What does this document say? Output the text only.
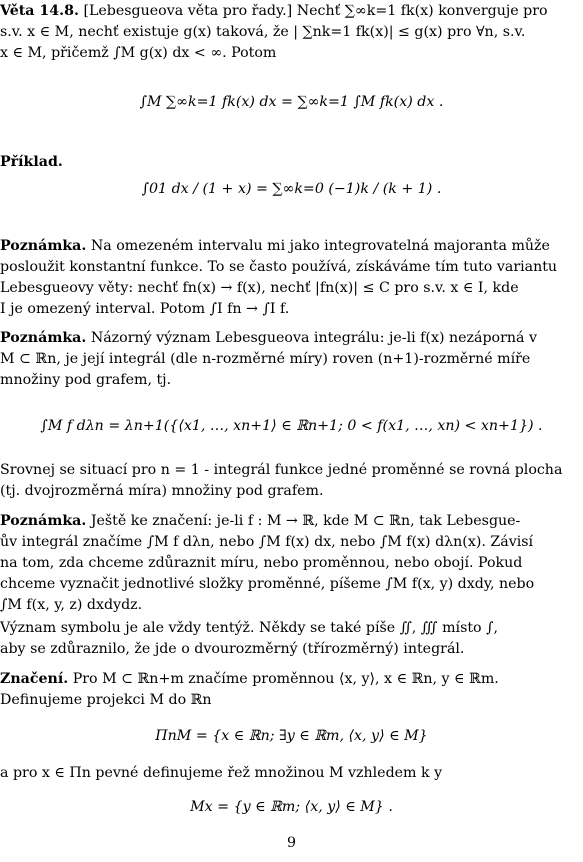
Věta 14.8. [Lebesgueova věta pro řady.] Nechť ∑∞k=1 fk(x) konverguje pro
s.v. x ∈ M, nechť existuje g(x) taková, že | ∑nk=1 fk(x)| ≤ g(x) pro ∀n, s.v.
x ∈ M, přičemž ∫M g(x) dx < ∞. Potom
∫M ∑∞k=1 fk(x) dx = ∑∞k=1 ∫M fk(x) dx .
Příklad.
∫01 dx / (1 + x) = ∑∞k=0 (−1)k / (k + 1) .
Poznámka. Na omezeném intervalu mi jako integrovatelná majoranta může
posloužit konstantní funkce. To se často používá, získáváme tím tuto variantu
Lebesgueovy věty: nechť fn(x) → f(x), nechť |fn(x)| ≤ C pro s.v. x ∈ I, kde
I je omezený interval. Potom ∫I fn → ∫I f.
Poznámka. Názorný význam Lebesgueova integrálu: je-li f(x) nezáporná v
M ⊂ ℝn, je její integrál (dle n-rozměrné míry) roven (n+1)-rozměrné míře
množiny pod grafem, tj.
∫M f dλn = λn+1({⟨x1, …, xn+1⟩ ∈ ℝn+1; 0 < f(x1, …, xn) < xn+1}) .
Srovnej se situací pro n = 1 - integrál funkce jedné proměnné se rovná plocha
(tj. dvojrozměrná míra) množiny pod grafem.
Poznámka. Ještě ke značení: je-li f : M → ℝ, kde M ⊂ ℝn, tak Lebesgue-
ův integrál značíme ∫M f dλn, nebo ∫M f(x) dx, nebo ∫M f(x) dλn(x). Závisí
na tom, zda chceme zdůraznit míru, nebo proměnnou, nebo obojí. Pokud
chceme vyznačit jednotlivé složky proměnné, píšeme ∫M f(x, y) dxdy, nebo
∫M f(x, y, z) dxdydz.
Význam symbolu je ale vždy tentýž. Někdy se také píše ∬, ∭ místo ∫,
aby se zdůraznilo, že jde o dvourozměrný (třírozměrný) integrál.
Značení. Pro M ⊂ ℝn+m značíme proměnnou ⟨x, y⟩, x ∈ ℝn, y ∈ ℝm.
Definujeme projekci M do ℝn
ΠnM = {x ∈ ℝn; ∃y ∈ ℝm, ⟨x, y⟩ ∈ M}
a pro x ∈ Πn pevné definujeme řež množinou M vzhledem k y
Mx = {y ∈ ℝm; ⟨x, y⟩ ∈ M} .
9
